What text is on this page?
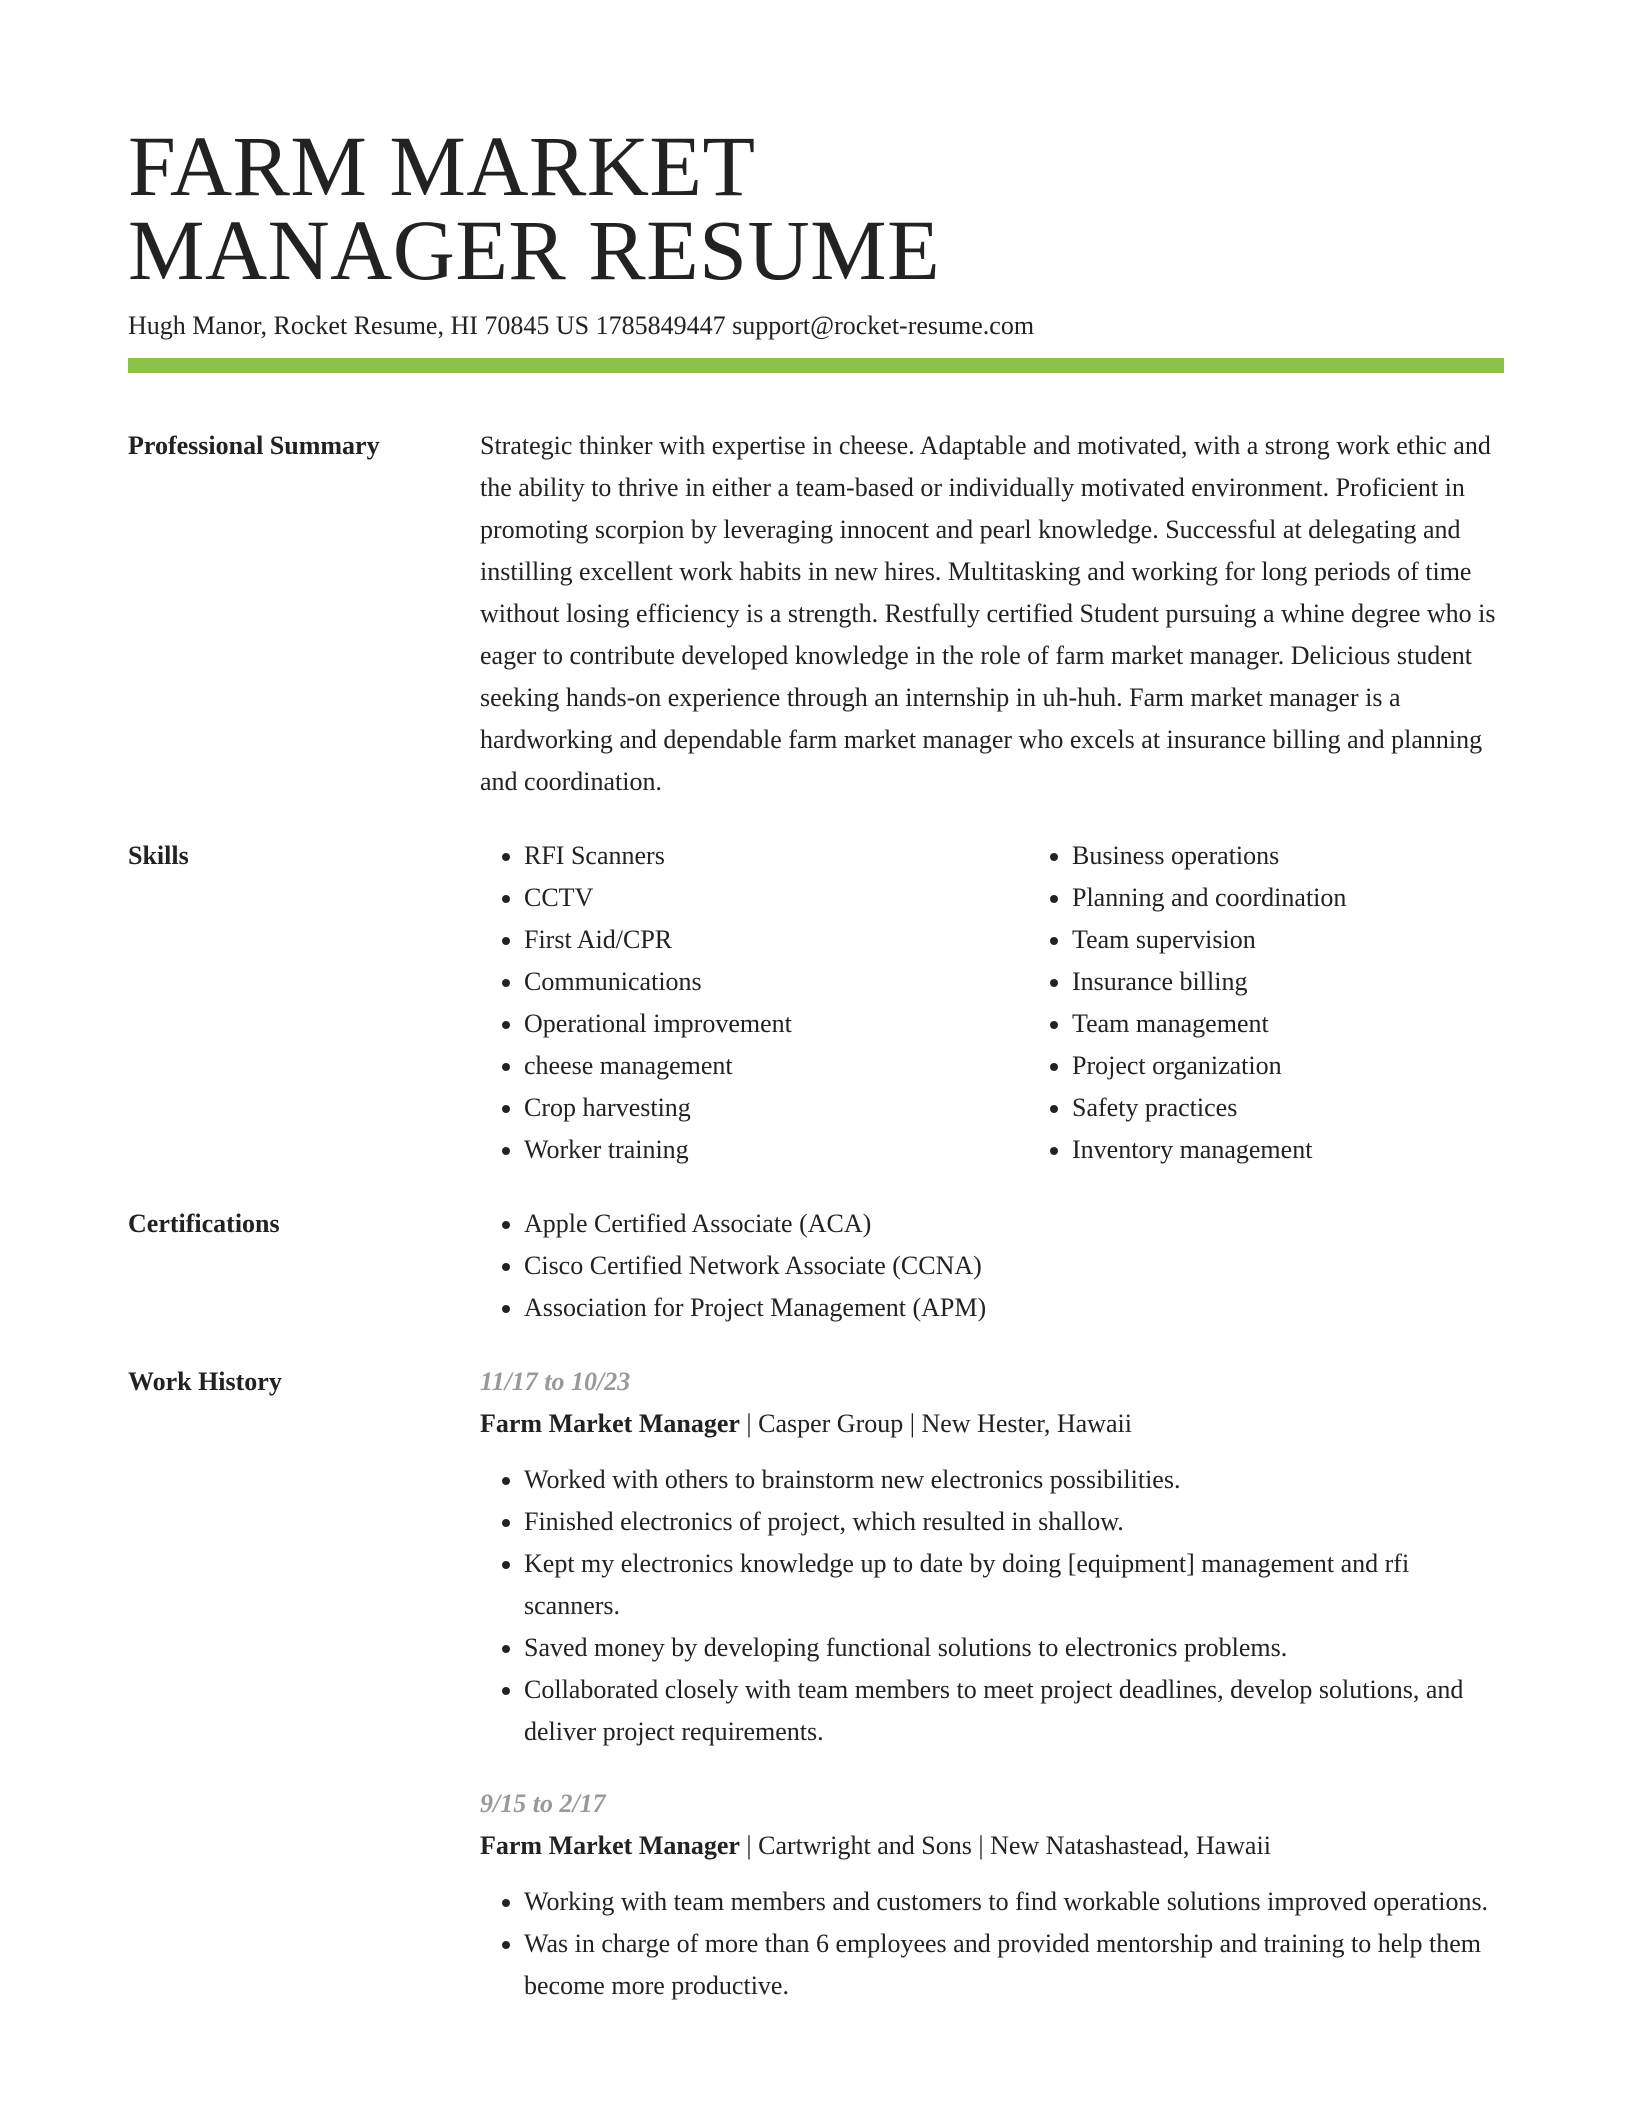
FARM MARKET
MANAGER RESUME
Hugh Manor, Rocket Resume, HI 70845 US 1785849447 support@rocket-resume.com
Professional Summary	Strategic thinker with expertise in cheese. Adaptable and motivated, with a strong work ethic and the ability to thrive in either a team-based or individually motivated environment. Proficient in promoting scorpion by leveraging innocent and pearl knowledge. Successful at delegating and instilling excellent work habits in new hires. Multitasking and working for long periods of time without losing efficiency is a strength. Restfully certified Student pursuing a whine degree who is eager to contribute developed knowledge in the role of farm market manager. Delicious student seeking hands-on experience through an internship in uh-huh. Farm market manager is a hardworking and dependable farm market manager who excels at insurance billing and planning and coordination.

Skills	• RFI Scanners
• CCTV
• First Aid/CPR
• Communications
• Operational improvement
• cheese management
• Crop harvesting
• Worker training
• Business operations
• Planning and coordination
• Team supervision
• Insurance billing
• Team management
• Project organization
• Safety practices
• Inventory management
Certifications	• Apple Certified Associate (ACA)
• Cisco Certified Network Associate (CCNA)
• Association for Project Management (APM)
Work History	11/17 to 10/23
Farm Market Manager | Casper Group | New Hester, Hawaii
• Worked with others to brainstorm new electronics possibilities.
• Finished electronics of project, which resulted in shallow.
• Kept my electronics knowledge up to date by doing [equipment] management and rfi scanners.
• Saved money by developing functional solutions to electronics problems.
• Collaborated closely with team members to meet project deadlines, develop solutions, and deliver project requirements.
9/15 to 2/17
Farm Market Manager | Cartwright and Sons | New Natashastead, Hawaii
• Working with team members and customers to find workable solutions improved operations.
• Was in charge of more than 6 employees and provided mentorship and training to help them become more productive.
